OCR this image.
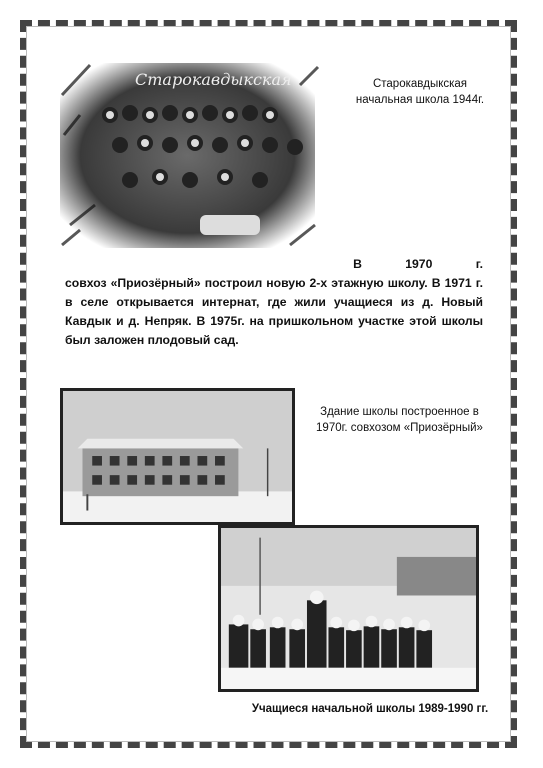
Старокавдыкская	Старокавдыкская
начальная школа 1944г.
В 1970 г.
совхоз «Приозёрный» построил новую 2-х этажную школу. В 1971 г. в селе открывается интернат, где жили учащиеся из д. Новый Кавдык и д. Непряк. В 1975г. на пришкольном участке этой школы был заложен плодовый сад.
Здание школы построенное в
1970г. совхозом «Приозёрный»
Учащиеся начальной школы 1989-1990 гг.
